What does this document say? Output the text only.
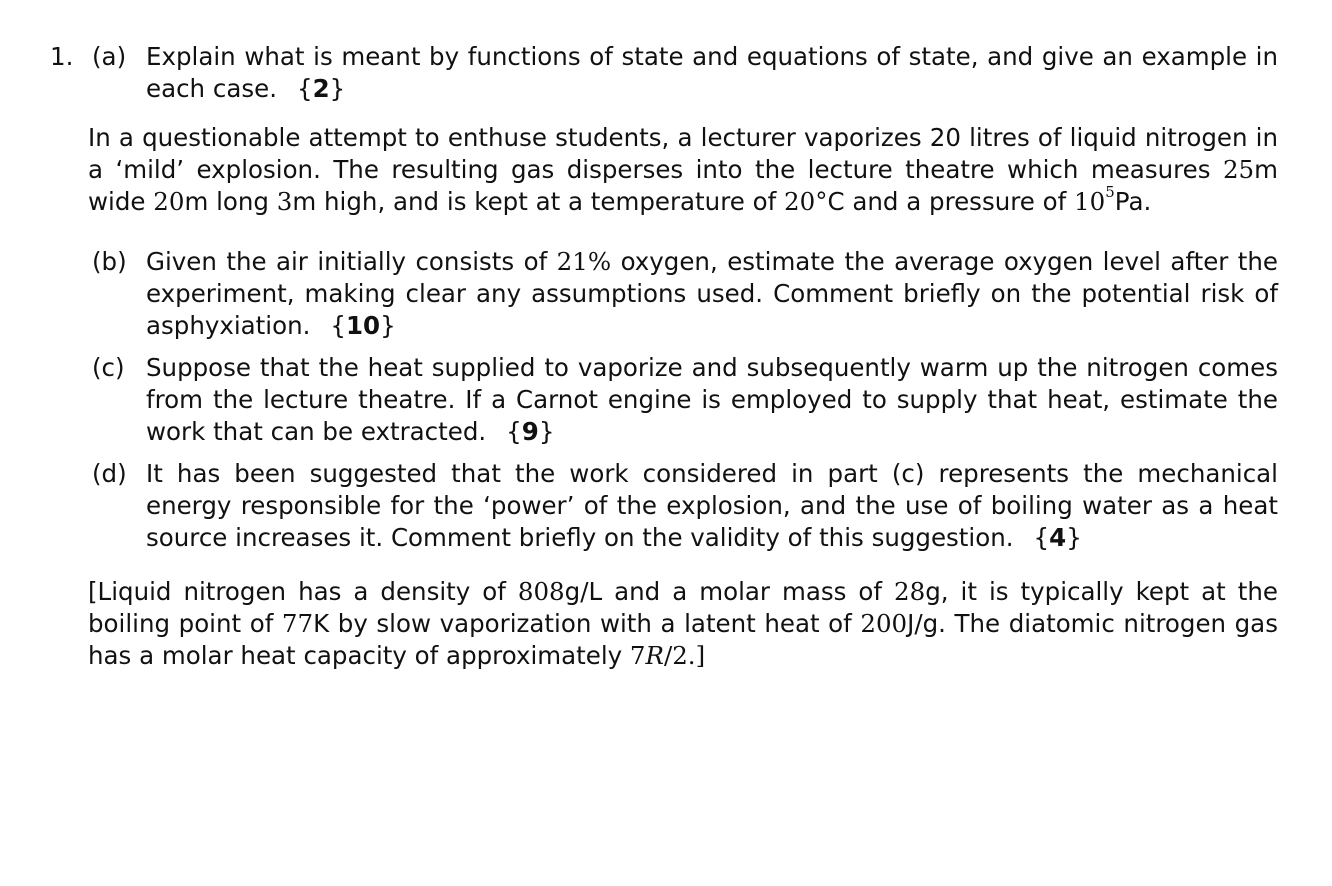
1. (a) Explain what is meant by functions of state and equations of state, and give an example in each case. {2}
In a questionable attempt to enthuse students, a lecturer vaporizes 20 litres of liquid nitrogen in a ‘mild’ explosion. The resulting gas disperses into the lecture theatre which measures 25m wide 20m long 3m high, and is kept at a temperature of 20°C and a pressure of $10^5Pa$.
(b) Given the air initially consists of 21% oxygen, estimate the average oxygen level after the experiment, making clear any assumptions used. Comment briefly on the potential risk of asphyxiation. {10}
(c) Suppose that the heat supplied to vaporize and subsequently warm up the nitrogen comes from the lecture theatre. If a Carnot engine is employed to supply that heat, estimate the work that can be extracted. {9}
(d) It has been suggested that the work considered in part (c) represents the mechanical energy responsible for the ‘power’ of the explosion, and the use of boiling water as a heat source increases it. Comment briefly on the validity of this suggestion. {4}
[Liquid nitrogen has a density of 808g/L and a molar mass of 28g, it is typically kept at the boiling point of 77K by slow vaporization with a latent heat of 200J/g. The diatomic nitrogen gas has a molar heat capacity of approximately 7R/2.]
